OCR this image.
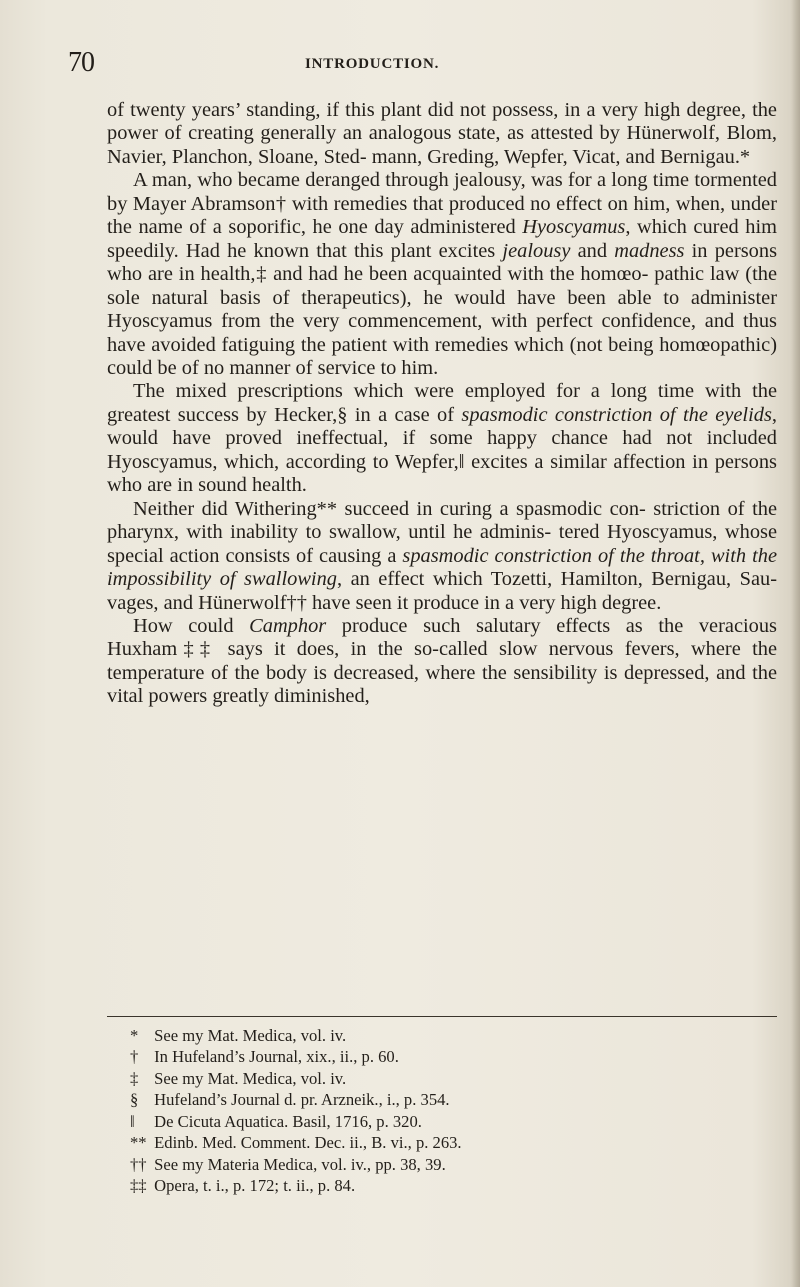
70	INTRODUCTION.

of twenty years’ standing, if this plant did not possess, in a very high degree, the power of creating generally an analogous state, as attested by Hünerwolf, Blom, Navier, Planchon, Sloane, Sted- mann, Greding, Wepfer, Vicat, and Bernigau.*

A man, who became deranged through jealousy, was for a long time tormented by Mayer Abramson† with remedies that produced no effect on him, when, under the name of a soporific, he one day administered Hyoscyamus, which cured him speedily. Had he known that this plant excites jealousy and madness in persons who are in health,‡ and had he been acquainted with the homœo- pathic law (the sole natural basis of therapeutics), he would have been able to administer Hyoscyamus from the very commencement, with perfect confidence, and thus have avoided fatiguing the patient with remedies which (not being homœopathic) could be of no manner of service to him.

The mixed prescriptions which were employed for a long time with the greatest success by Hecker,§ in a case of spasmodic constriction of the eyelids, would have proved ineffectual, if some happy chance had not included Hyoscyamus, which, according to Wepfer,‖ excites a similar affection in persons who are in sound health.

Neither did Withering** succeed in curing a spasmodic con- striction of the pharynx, with inability to swallow, until he adminis- tered Hyoscyamus, whose special action consists of causing a spasmodic constriction of the throat, with the impossibility of swallowing, an effect which Tozetti, Hamilton, Bernigau, Sau- vages, and Hünerwolf†† have seen it produce in a very high degree.

How could Camphor produce such salutary effects as the veracious Huxham‡‡ says it does, in the so-called slow nervous fevers, where the temperature of the body is decreased, where the sensibility is depressed, and the vital powers greatly diminished,

* See my Mat. Medica, vol. iv.
† In Hufeland’s Journal, xix., ii., p. 60.
‡ See my Mat. Medica, vol. iv.
§ Hufeland’s Journal d. pr. Arzneik., i., p. 354.
‖ De Cicuta Aquatica. Basil, 1716, p. 320.
** Edinb. Med. Comment. Dec. ii., B. vi., p. 263.
†† See my Materia Medica, vol. iv., pp. 38, 39.
‡‡ Opera, t. i., p. 172; t. ii., p. 84.
